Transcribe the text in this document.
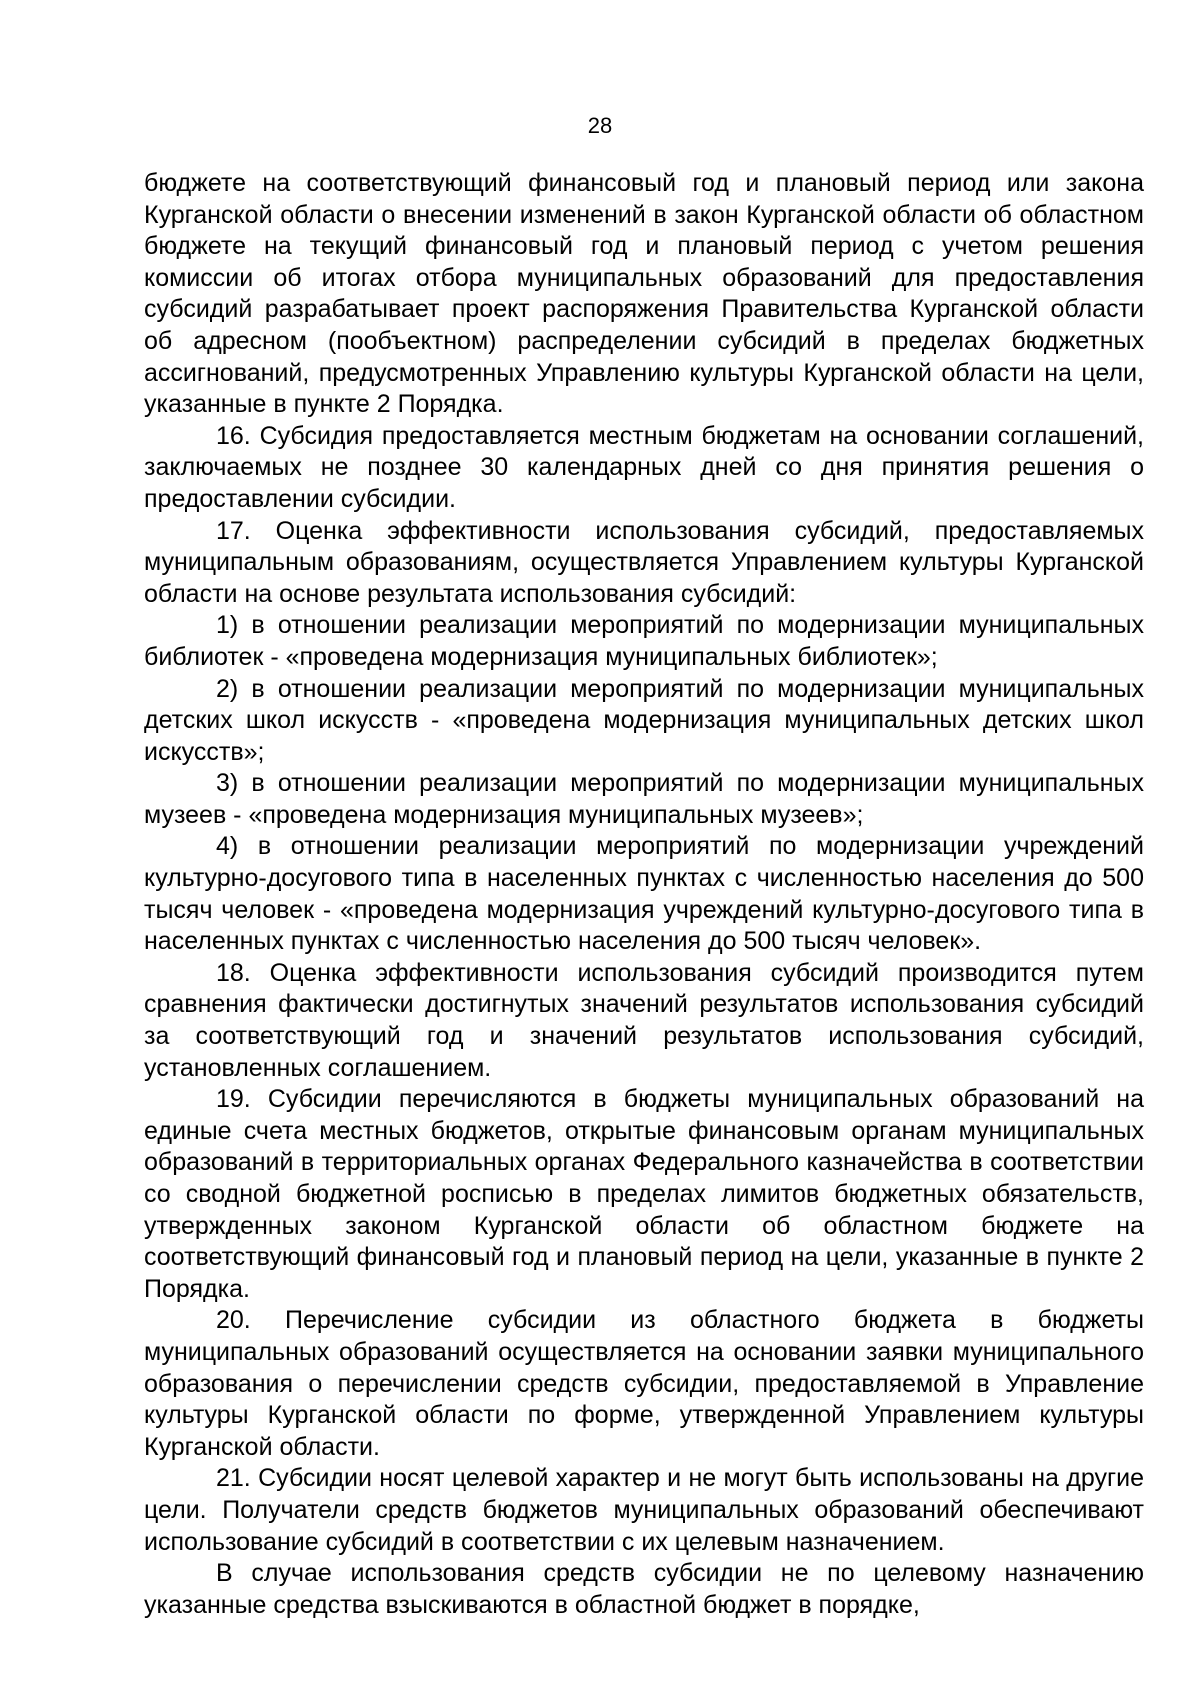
28

бюджете на соответствующий финансовый год и плановый период или закона Курганской области о внесении изменений в закон Курганской области об областном бюджете на текущий финансовый год и плановый период с учетом решения комиссии об итогах отбора муниципальных образований для предоставления субсидий разрабатывает проект распоряжения Правительства Курганской области об адресном (пообъектном) распределении субсидий в пределах бюджетных ассигнований, предусмотренных Управлению культуры Курганской области на цели, указанные в пункте 2 Порядка.

16. Субсидия предоставляется местным бюджетам на основании соглашений, заключаемых не позднее 30 календарных дней со дня принятия решения о предоставлении субсидии.

17. Оценка эффективности использования субсидий, предоставляемых муниципальным образованиям, осуществляется Управлением культуры Курганской области на основе результата использования субсидий:

1) в отношении реализации мероприятий по модернизации муниципальных библиотек - «проведена модернизация муниципальных библиотек»;

2) в отношении реализации мероприятий по модернизации муниципальных детских школ искусств - «проведена модернизация муниципальных детских школ искусств»;

3) в отношении реализации мероприятий по модернизации муниципальных музеев - «проведена модернизация муниципальных музеев»;

4) в отношении реализации мероприятий по модернизации учреждений культурно-досугового типа в населенных пунктах с численностью населения до 500 тысяч человек - «проведена модернизация учреждений культурно-досугового типа в населенных пунктах с численностью населения до 500 тысяч человек».

18. Оценка эффективности использования субсидий производится путем сравнения фактически достигнутых значений результатов использования субсидий за соответствующий год и значений результатов использования субсидий, установленных соглашением.

19. Субсидии перечисляются в бюджеты муниципальных образований на единые счета местных бюджетов, открытые финансовым органам муниципальных образований в территориальных органах Федерального казначейства в соответствии со сводной бюджетной росписью в пределах лимитов бюджетных обязательств, утвержденных законом Курганской области об областном бюджете на соответствующий финансовый год и плановый период на цели, указанные в пункте 2 Порядка.

20. Перечисление субсидии из областного бюджета в бюджеты муниципальных образований осуществляется на основании заявки муниципального образования о перечислении средств субсидии, предоставляемой в Управление культуры Курганской области по форме, утвержденной Управлением культуры Курганской области.

21. Субсидии носят целевой характер и не могут быть использованы на другие цели. Получатели средств бюджетов муниципальных образований обеспечивают использование субсидий в соответствии с их целевым назначением.

В случае использования средств субсидии не по целевому назначению указанные средства взыскиваются в областной бюджет в порядке,
